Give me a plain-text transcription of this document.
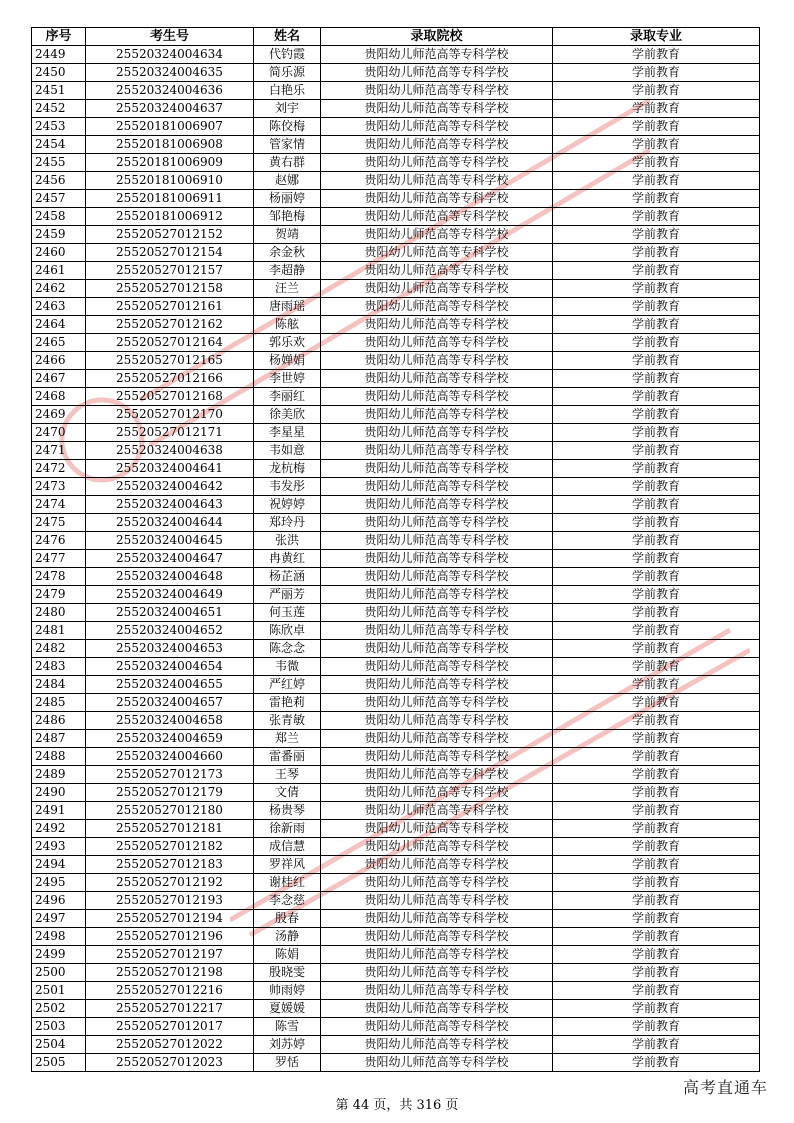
序号	考生号	姓名	录取院校	录取专业
2449	25520324004634	代钓霞	贵阳幼儿师范高等专科学校	学前教育
2450	25520324004635	简乐源	贵阳幼儿师范高等专科学校	学前教育
2451	25520324004636	白艳乐	贵阳幼儿师范高等专科学校	学前教育
2452	25520324004637	刘宇	贵阳幼儿师范高等专科学校	学前教育
2453	25520181006907	陈佼梅	贵阳幼儿师范高等专科学校	学前教育
2454	25520181006908	管家情	贵阳幼儿师范高等专科学校	学前教育
2455	25520181006909	黄右群	贵阳幼儿师范高等专科学校	学前教育
2456	25520181006910	赵娜	贵阳幼儿师范高等专科学校	学前教育
2457	25520181006911	杨丽婷	贵阳幼儿师范高等专科学校	学前教育
2458	25520181006912	邹艳梅	贵阳幼儿师范高等专科学校	学前教育
2459	25520527012152	贺靖	贵阳幼儿师范高等专科学校	学前教育
2460	25520527012154	余金秋	贵阳幼儿师范高等专科学校	学前教育
2461	25520527012157	李超静	贵阳幼儿师范高等专科学校	学前教育
2462	25520527012158	汪兰	贵阳幼儿师范高等专科学校	学前教育
2463	25520527012161	唐雨瑶	贵阳幼儿师范高等专科学校	学前教育
2464	25520527012162	陈舷	贵阳幼儿师范高等专科学校	学前教育
2465	25520527012164	郭乐欢	贵阳幼儿师范高等专科学校	学前教育
2466	25520527012165	杨婵娟	贵阳幼儿师范高等专科学校	学前教育
2467	25520527012166	李世婷	贵阳幼儿师范高等专科学校	学前教育
2468	25520527012168	李丽红	贵阳幼儿师范高等专科学校	学前教育
2469	25520527012170	徐美欣	贵阳幼儿师范高等专科学校	学前教育
2470	25520527012171	李星星	贵阳幼儿师范高等专科学校	学前教育
2471	25520324004638	韦如意	贵阳幼儿师范高等专科学校	学前教育
2472	25520324004641	龙杭梅	贵阳幼儿师范高等专科学校	学前教育
2473	25520324004642	韦发彤	贵阳幼儿师范高等专科学校	学前教育
2474	25520324004643	祝婷婷	贵阳幼儿师范高等专科学校	学前教育
2475	25520324004644	郑玲丹	贵阳幼儿师范高等专科学校	学前教育
2476	25520324004645	张洪	贵阳幼儿师范高等专科学校	学前教育
2477	25520324004647	冉黄红	贵阳幼儿师范高等专科学校	学前教育
2478	25520324004648	杨芷涵	贵阳幼儿师范高等专科学校	学前教育
2479	25520324004649	严丽芳	贵阳幼儿师范高等专科学校	学前教育
2480	25520324004651	何玉莲	贵阳幼儿师范高等专科学校	学前教育
2481	25520324004652	陈欣卓	贵阳幼儿师范高等专科学校	学前教育
2482	25520324004653	陈念念	贵阳幼儿师范高等专科学校	学前教育
2483	25520324004654	韦微	贵阳幼儿师范高等专科学校	学前教育
2484	25520324004655	严红婷	贵阳幼儿师范高等专科学校	学前教育
2485	25520324004657	雷艳莉	贵阳幼儿师范高等专科学校	学前教育
2486	25520324004658	张青敏	贵阳幼儿师范高等专科学校	学前教育
2487	25520324004659	郑兰	贵阳幼儿师范高等专科学校	学前教育
2488	25520324004660	雷番丽	贵阳幼儿师范高等专科学校	学前教育
2489	25520527012173	王琴	贵阳幼儿师范高等专科学校	学前教育
2490	25520527012179	文倩	贵阳幼儿师范高等专科学校	学前教育
2491	25520527012180	杨贵琴	贵阳幼儿师范高等专科学校	学前教育
2492	25520527012181	徐新雨	贵阳幼儿师范高等专科学校	学前教育
2493	25520527012182	成信慧	贵阳幼儿师范高等专科学校	学前教育
2494	25520527012183	罗祥风	贵阳幼儿师范高等专科学校	学前教育
2495	25520527012192	谢桂红	贵阳幼儿师范高等专科学校	学前教育
2496	25520527012193	李念慈	贵阳幼儿师范高等专科学校	学前教育
2497	25520527012194	殷春	贵阳幼儿师范高等专科学校	学前教育
2498	25520527012196	汤静	贵阳幼儿师范高等专科学校	学前教育
2499	25520527012197	陈娟	贵阳幼儿师范高等专科学校	学前教育
2500	25520527012198	殷晓雯	贵阳幼儿师范高等专科学校	学前教育
2501	25520527012216	帅雨婷	贵阳幼儿师范高等专科学校	学前教育
2502	25520527012217	夏媛媛	贵阳幼儿师范高等专科学校	学前教育
2503	25520527012017	陈雪	贵阳幼儿师范高等专科学校	学前教育
2504	25520527012022	刘苏婷	贵阳幼儿师范高等专科学校	学前教育
2505	25520527012023	罗恬	贵阳幼儿师范高等专科学校	学前教育
第 44 页，共 316 页
高考直通车
